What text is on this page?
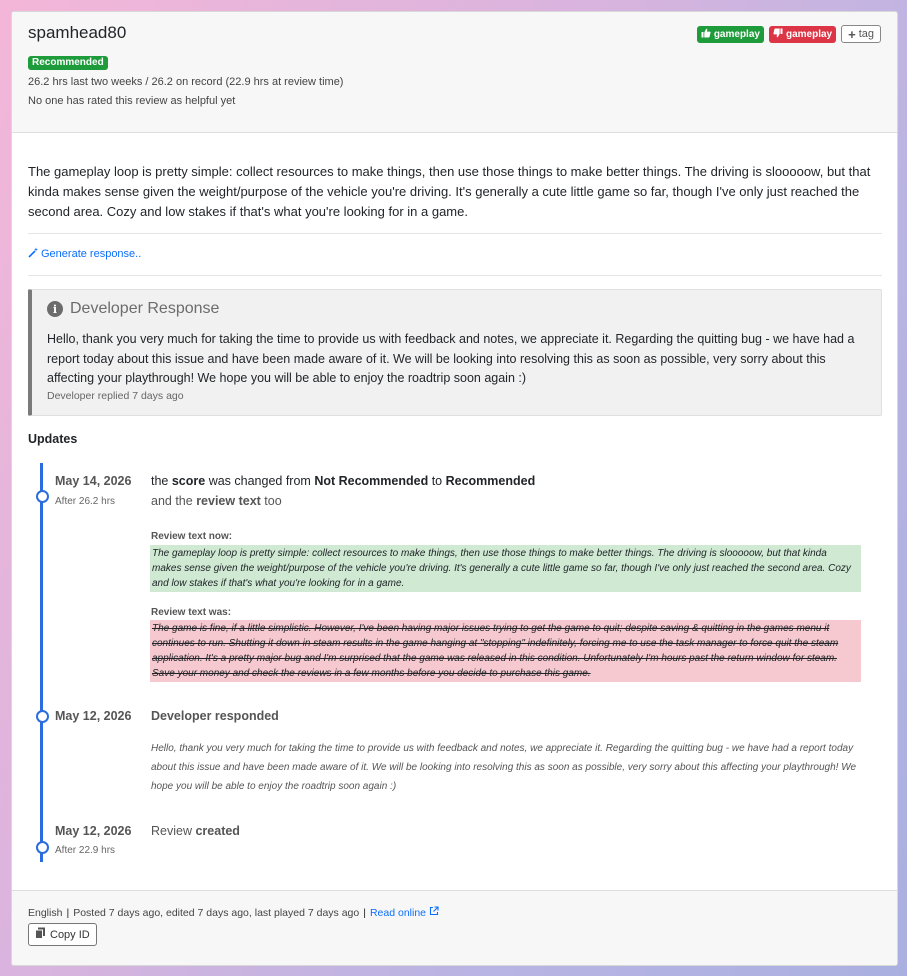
spamhead80
Recommended
26.2 hrs last two weeks / 26.2 on record (22.9 hrs at review time)
No one has rated this review as helpful yet
gameplay	gameplay + tag
The gameplay loop is pretty simple: collect resources to make things, then use those things to make better things. The driving is slooooow, but that kinda makes sense given the weight/purpose of the vehicle you're driving. It's generally a cute little game so far, though I've only just reached the second area. Cozy and low stakes if that's what you're looking for in a game.
Generate response..
i Developer Response
Hello, thank you very much for taking the time to provide us with feedback and notes, we appreciate it. Regarding the quitting bug - we have had a report today about this issue and have been made aware of it. We will be looking into resolving this as soon as possible, very sorry about this affecting your playthrough! We hope you will be able to enjoy the roadtrip soon again :)
Developer replied 7 days ago
Updates
May 14, 2026
After 26.2 hrs
the score was changed from Not Recommended to Recommended
and the review text too
Review text now:
The gameplay loop is pretty simple: collect resources to make things, then use those things to make better things. The driving is slooooow, but that kinda makes sense given the weight/purpose of the vehicle you're driving. It's generally a cute little game so far, though I've only just reached the second area. Cozy and low stakes if that's what you're looking for in a game.
Review text was:
The game is fine, if a little simplistic. However, I've been having major issues trying to get the game to quit; despite saving & quitting in the games menu it continues to run. Shutting it down in steam results in the game hanging at "stopping" indefinitely, forcing me to use the task manager to force quit the steam application. It's a pretty major bug and I'm surprised that the game was released in this condition. Unfortunately I'm hours past the return window for steam. Save your money and check the reviews in a few months before you decide to purchase this game.
May 12, 2026 Developer responded
Hello, thank you very much for taking the time to provide us with feedback and notes, we appreciate it. Regarding the quitting bug - we have had a report today about this issue and have been made aware of it. We will be looking into resolving this as soon as possible, very sorry about this affecting your playthrough! We hope you will be able to enjoy the roadtrip soon again :)
May 12, 2026
After 22.9 hrs
Review created
English | Posted 7 days ago, edited 7 days ago, last played 7 days ago | Read online
Copy ID
